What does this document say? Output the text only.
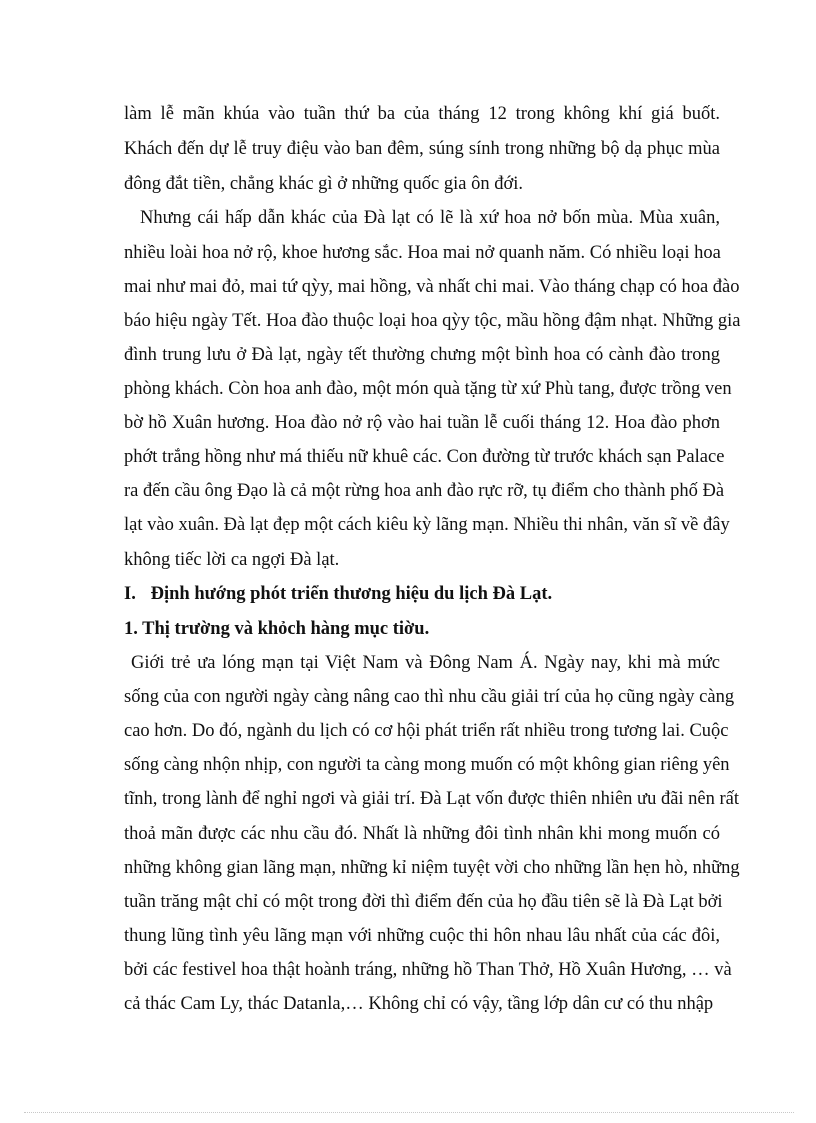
làm lễ mãn khúa vào tuần thứ ba của tháng 12 trong không khí giá buốt.
Khách đến dự lễ truy điệu vào ban đêm, súng sính trong những bộ dạ phục mùa
đông đắt tiền, chẳng khác gì ở những quốc gia ôn đới.
Nhưng cái hấp dẫn khác của Đà lạt có lẽ là xứ hoa nở bốn mùa. Mùa xuân,
nhiều loài hoa nở rộ, khoe hương sắc. Hoa mai nở quanh năm. Có nhiều loại hoa
mai như mai đỏ, mai tứ qỳy, mai hồng, và nhất chi mai. Vào tháng chạp có hoa đào
báo hiệu ngày Tết. Hoa đào thuộc loại hoa qỳy tộc, mầu hồng đậm nhạt. Những gia
đình trung lưu ở Đà lạt, ngày tết thường chưng một bình hoa có cành đào trong
phòng khách. Còn hoa anh đào, một món quà tặng từ xứ Phù tang, được trồng ven
bờ hồ Xuân hương. Hoa đào nở rộ vào hai tuần lễ cuối tháng 12. Hoa đào phơn
phớt trắng hồng như má thiếu nữ khuê các. Con đường từ trước khách sạn Palace
ra đến cầu ông Đạo là cả một rừng hoa anh đào rực rỡ, tụ điểm cho thành phố Đà
lạt vào xuân. Đà lạt đẹp một cách kiêu kỳ lãng mạn. Nhiều thi nhân, văn sĩ về đây
không tiếc lời ca ngợi Đà lạt.
I. Định hướng phót triển thương hiệu du lịch Đà Lạt.
1. Thị trường và khỏch hàng mục tiờu.
Giới trẻ ưa lóng mạn tại Việt Nam và Đông Nam Á. Ngày nay, khi mà mức
sống của con người ngày càng nâng cao thì nhu cầu giải trí của họ cũng ngày càng
cao hơn. Do đó, ngành du lịch có cơ hội phát triển rất nhiều trong tương lai. Cuộc
sống càng nhộn nhịp, con người ta càng mong muốn có một không gian riêng yên
tĩnh, trong lành để nghỉ ngơi và giải trí. Đà Lạt vốn được thiên nhiên ưu đãi nên rất
thoả mãn được các nhu cầu đó. Nhất là những đôi tình nhân khi mong muốn có
những không gian lãng mạn, những kỉ niệm tuyệt vời cho những lần hẹn hò, những
tuần trăng mật chỉ có một trong đời thì điểm đến của họ đầu tiên sẽ là Đà Lạt bởi
thung lũng tình yêu lãng mạn với những cuộc thi hôn nhau lâu nhất của các đôi,
bởi các festivel hoa thật hoành tráng, những hồ Than Thở, Hồ Xuân Hương, … và
cả thác Cam Ly, thác Datanla,… Không chỉ có vậy, tầng lớp dân cư có thu nhập
